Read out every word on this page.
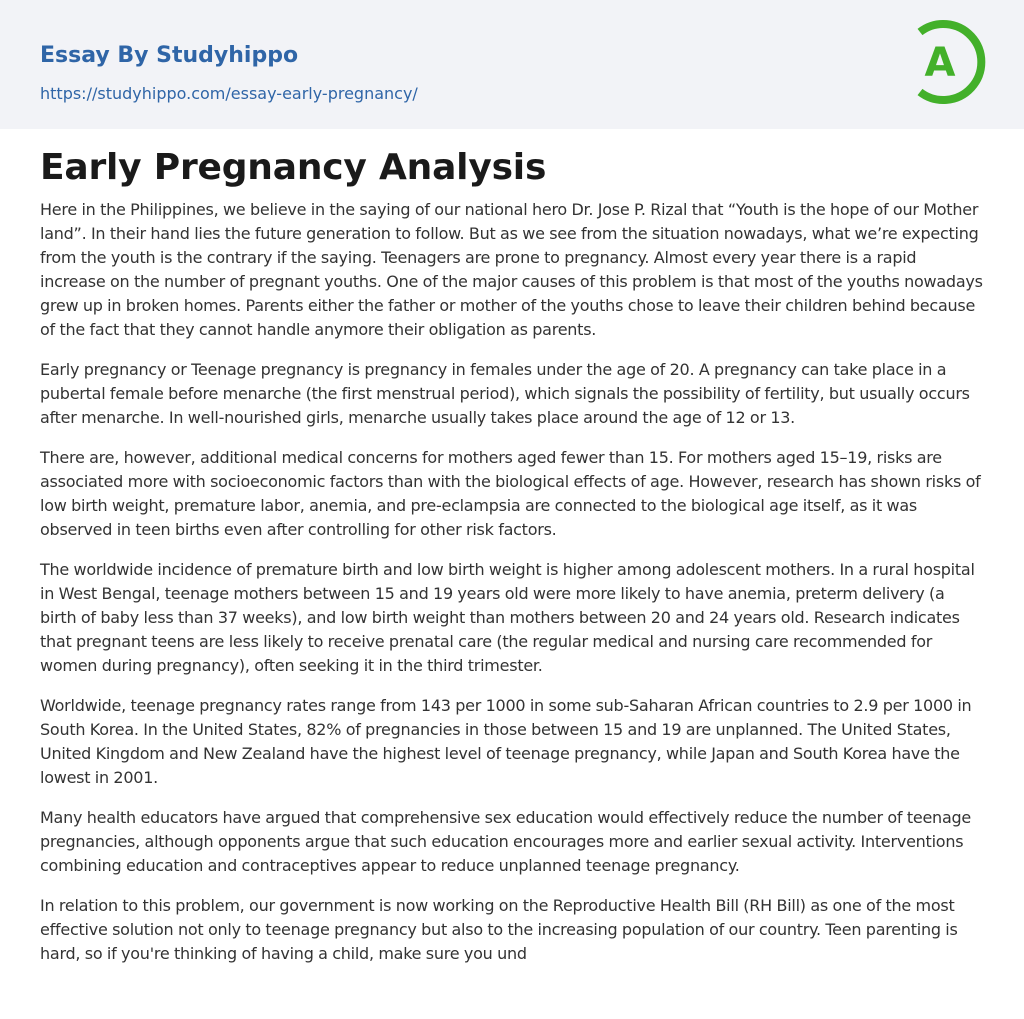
Essay By Studyhippo
https://studyhippo.com/essay-early-pregnancy/
A
Early Pregnancy Analysis

Here in the Philippines, we believe in the saying of our national hero Dr. Jose P. Rizal that “Youth is the hope of our Mother land”. In their hand lies the future generation to follow. But as we see from the situation nowadays, what we’re expecting from the youth is the contrary if the saying. Teenagers are prone to pregnancy. Almost every year there is a rapid increase on the number of pregnant youths. One of the major causes of this problem is that most of the youths nowadays grew up in broken homes. Parents either the father or mother of the youths chose to leave their children behind because of the fact that they cannot handle anymore their obligation as parents.

Early pregnancy or Teenage pregnancy is pregnancy in females under the age of 20. A pregnancy can take place in a pubertal female before menarche (the first menstrual period), which signals the possibility of fertility, but usually occurs after menarche. In well-nourished girls, menarche usually takes place around the age of 12 or 13.

There are, however, additional medical concerns for mothers aged fewer than 15. For mothers aged 15–19, risks are associated more with socioeconomic factors than with the biological effects of age. However, research has shown risks of low birth weight, premature labor, anemia, and pre-eclampsia are connected to the biological age itself, as it was observed in teen births even after controlling for other risk factors.

The worldwide incidence of premature birth and low birth weight is higher among adolescent mothers. In a rural hospital in West Bengal, teenage mothers between 15 and 19 years old were more likely to have anemia, preterm delivery (a birth of baby less than 37 weeks), and low birth weight than mothers between 20 and 24 years old. Research indicates that pregnant teens are less likely to receive prenatal care (the regular medical and nursing care recommended for women during pregnancy), often seeking it in the third trimester.

Worldwide, teenage pregnancy rates range from 143 per 1000 in some sub-Saharan African countries to 2.9 per 1000 in South Korea. In the United States, 82% of pregnancies in those between 15 and 19 are unplanned. The United States, United Kingdom and New Zealand have the highest level of teenage pregnancy, while Japan and South Korea have the lowest in 2001.

Many health educators have argued that comprehensive sex education would effectively reduce the number of teenage pregnancies, although opponents argue that such education encourages more and earlier sexual activity. Interventions combining education and contraceptives appear to reduce unplanned teenage pregnancy.

In relation to this problem, our government is now working on the Reproductive Health Bill (RH Bill) as one of the most effective solution not only to teenage pregnancy but also to the increasing population of our country. Teen parenting is hard, so if you're thinking of having a child, make sure you und
